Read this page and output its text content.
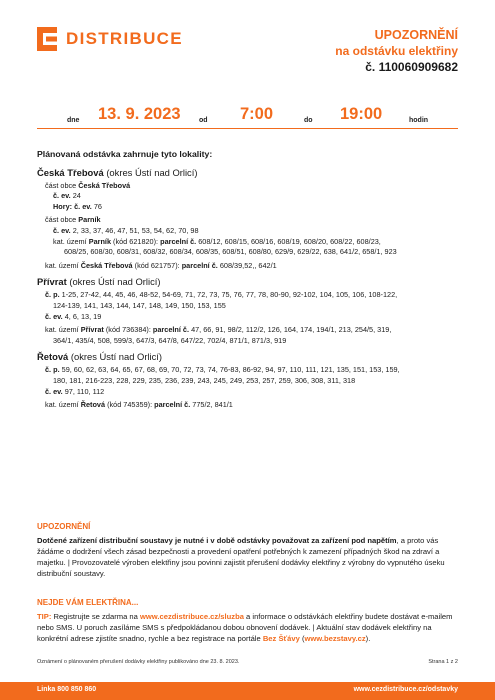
DISTRIBUCE	UPOZORNĚNÍ
na odstávku elektřiny
č. 110060909682
dne 13. 9. 2023	od 7:00	do 19:00	hodin
Plánovaná odstávka zahrnuje tyto lokality:
Česká Třebová (okres Ústí nad Orlicí)
část obce Česká Třebová
č. ev. 24
Hory: č. ev. 76
část obce Parník
č. ev. 2, 33, 37, 46, 47, 51, 53, 54, 62, 70, 98
kat. území Parník (kód 621820): parcelní č. 608/12, 608/15, 608/16, 608/19, 608/20, 608/22, 608/23,
608/25, 608/30, 608/31, 608/32, 608/34, 608/35, 608/51, 608/80, 629/9, 629/22, 638, 641/2, 658/1, 923
kat. území Česká Třebová (kód 621757): parcelní č. 608/39,52,, 642/1
Přívrat (okres Ústí nad Orlicí)
č. p. 1-25, 27-42, 44, 45, 46, 48-52, 54-69, 71, 72, 73, 75, 76, 77, 78, 80-90, 92-102, 104, 105, 106, 108-122,
124-139, 141, 143, 144, 147, 148, 149, 150, 153, 155
č. ev. 4, 6, 13, 19
kat. území Přívrat (kód 736384): parcelní č. 47, 66, 91, 98/2, 112/2, 126, 164, 174, 194/1, 213, 254/5, 319,
364/1, 435/4, 508, 599/3, 647/3, 647/8, 647/22, 702/4, 871/1, 871/3, 919
Řetová (okres Ústí nad Orlicí)
č. p. 59, 60, 62, 63, 64, 65, 67, 68, 69, 70, 72, 73, 74, 76-83, 86-92, 94, 97, 110, 111, 121, 135, 151, 153, 159,
180, 181, 216-223, 228, 229, 235, 236, 239, 243, 245, 249, 253, 257, 259, 306, 308, 311, 318
č. ev. 97, 110, 112
kat. území Řetová (kód 745359): parcelní č. 775/2, 841/1
UPOZORNĚNÍ
Dotčené zařízení distribuční soustavy je nutné i v době odstávky považovat za zařízení pod napětím, a proto vás žádáme o dodržení všech zásad bezpečnosti a provedení opatření potřebných k zamezení případných škod na zdraví a majetku. | Provozovatelé výroben elektřiny jsou povinni zajistit přerušení dodávky elektřiny z výrobny do vypnutého úseku distribuční soustavy.
NEJDE VÁM ELEKTŘINA...
TIP: Registrujte se zdarma na www.cezdistribuce.cz/sluzba a informace o odstávkách elektřiny budete dostávat e-mailem nebo SMS. U poruch zasíláme SMS s předpokládanou dobou obnovení dodávek. | Aktuální stav dodávek elektřiny na konkrétní adrese zjistíte snadno, rychle a bez registrace na portále Bez Šťávy (www.bezstavy.cz).
Oznámení o plánovaném přerušení dodávky elektřiny publikováno dne 23. 8. 2023.	Strana 1 z 2
Linka 800 850 860	www.cezdistribuce.cz/odstavky
